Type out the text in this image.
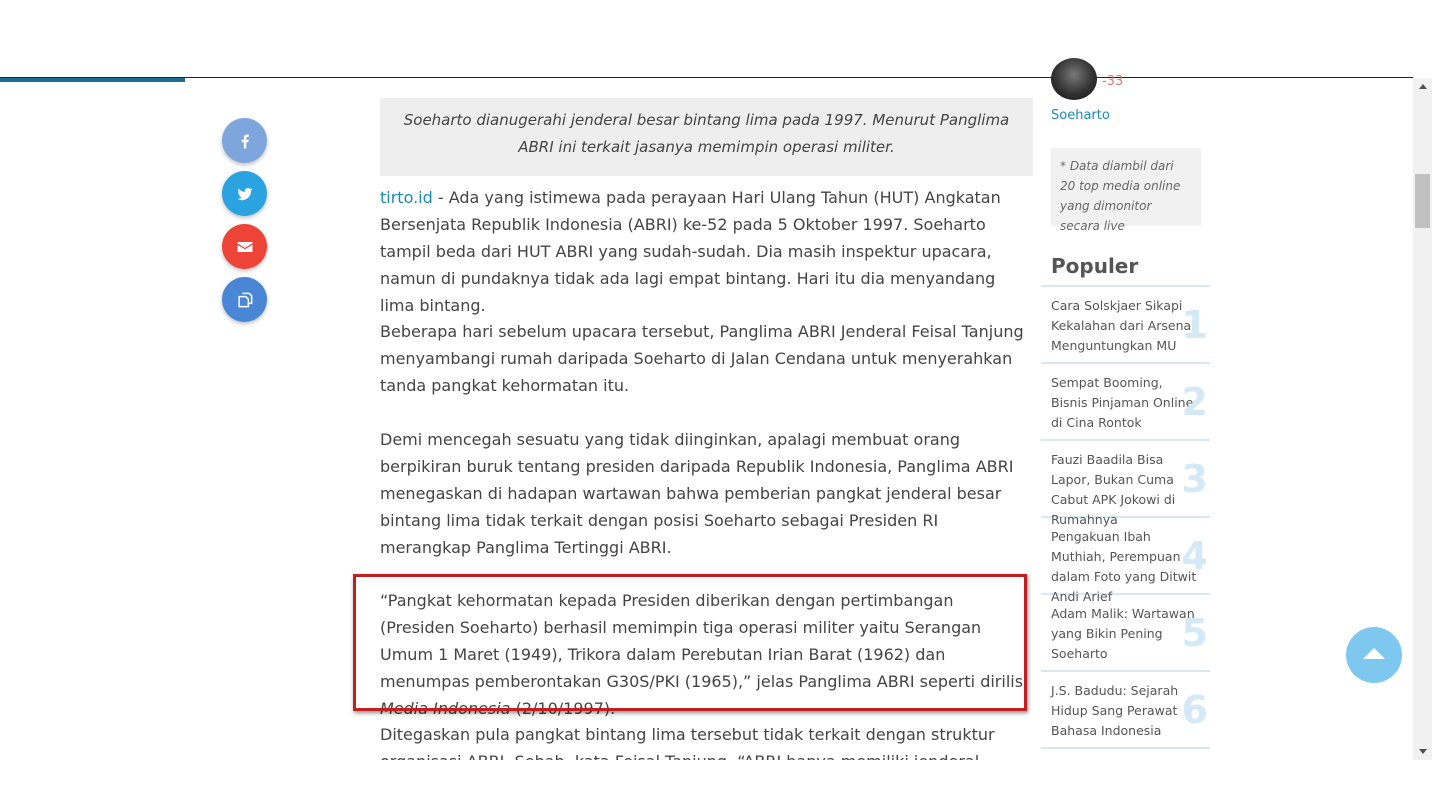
Soeharto dianugerahi jenderal besar bintang lima pada 1997. Menurut Panglima ABRI ini terkait jasanya memimpin operasi militer.

tirto.id - Ada yang istimewa pada perayaan Hari Ulang Tahun (HUT) Angkatan Bersenjata Republik Indonesia (ABRI) ke-52 pada 5 Oktober 1997. Soeharto tampil beda dari HUT ABRI yang sudah-sudah. Dia masih inspektur upacara, namun di pundaknya tidak ada lagi empat bintang. Hari itu dia menyandang lima bintang.

Beberapa hari sebelum upacara tersebut, Panglima ABRI Jenderal Feisal Tanjung menyambangi rumah daripada Soeharto di Jalan Cendana untuk menyerahkan tanda pangkat kehormatan itu.

Demi mencegah sesuatu yang tidak diinginkan, apalagi membuat orang berpikiran buruk tentang presiden daripada Republik Indonesia, Panglima ABRI menegaskan di hadapan wartawan bahwa pemberian pangkat jenderal besar bintang lima tidak terkait dengan posisi Soeharto sebagai Presiden RI merangkap Panglima Tertinggi ABRI.

“Pangkat kehormatan kepada Presiden diberikan dengan pertimbangan (Presiden Soeharto) berhasil memimpin tiga operasi militer yaitu Serangan Umum 1 Maret (1949), Trikora dalam Perebutan Irian Barat (1962) dan menumpas pemberontakan G30S/PKI (1965),” jelas Panglima ABRI seperti dirilis Media Indonesia (2/10/1997).

Ditegaskan pula pangkat bintang lima tersebut tidak terkait dengan struktur

-33
Soeharto
* Data diambil dari 20 top media online yang dimonitor secara live
Populer
Cara Solskjaer Sikapi Kekalahan dari Arsenal Menguntungkan MU 1
Sempat Booming, Bisnis Pinjaman Online di Cina Rontok	2
Fauzi Baadila Bisa Lapor, Bukan Cuma Cabut APK Jokowi di Rumahnya
3
Pengakuan Ibah Muthiah, Perempuan dalam Foto yang Ditwit Andi Arief
4
Adam Malik: Wartawan yang Bikin Pening Soeharto	5
J.S. Badudu: Sejarah Hidup Sang Perawat Bahasa Indonesia 6
